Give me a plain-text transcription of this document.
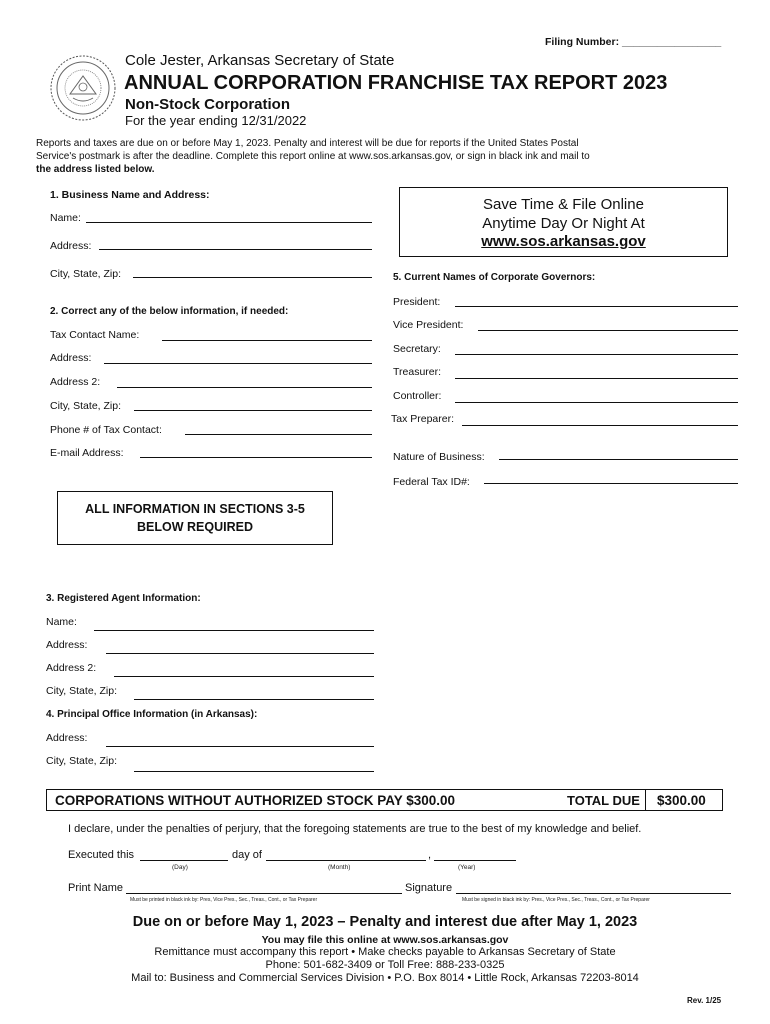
Filing Number: _________________
Cole Jester, Arkansas Secretary of State
ANNUAL CORPORATION FRANCHISE TAX REPORT 2023
Non-Stock Corporation
For the year ending 12/31/2022
Reports and taxes are due on or before May 1, 2023. Penalty and interest will be due for reports if the United States Postal
Service's postmark is after the deadline. Complete this report online at www.sos.arkansas.gov, or sign in black ink and mail to
the address listed below.
1. Business Name and Address:
Name:
Address:
City, State, Zip:
Save Time & File Online
Anytime Day Or Night At
www.sos.arkansas.gov
2. Correct any of the below information, if needed:
Tax Contact Name:
Address:
Address 2:
City, State, Zip:
Phone # of Tax Contact:
E-mail Address:
5. Current Names of Corporate Governors:
President:
Vice President:
Secretary:
Treasurer:
Controller:
Tax Preparer:
Nature of Business:
Federal Tax ID#:
ALL INFORMATION IN SECTIONS 3-5
BELOW REQUIRED
3. Registered Agent Information:
Name:
Address:
Address 2:
City, State, Zip:
4. Principal Office Information (in Arkansas):
Address:
City, State, Zip:
CORPORATIONS WITHOUT AUTHORIZED STOCK PAY $300.00	TOTAL DUE $300.00
I declare, under the penalties of perjury, that the foregoing statements are true to the best of my knowledge and belief.
Executed this	day of	,
(Day)	(Month)	(Year)
Print Name	Signature
Must be printed in black ink by: Pres, Vice Pres., Sec., Treas., Cont., or Tax Preparer	Must be signed in black ink by: Pres., Vice Pres., Sec., Treas., Cont., or Tax Preparer
Due on or before May 1, 2023 – Penalty and interest due after May 1, 2023
You may file this online at www.sos.arkansas.gov
Remittance must accompany this report • Make checks payable to Arkansas Secretary of State
Phone: 501-682-3409 or Toll Free: 888-233-0325
Mail to: Business and Commercial Services Division • P.O. Box 8014 • Little Rock, Arkansas 72203-8014
Rev. 1/25
